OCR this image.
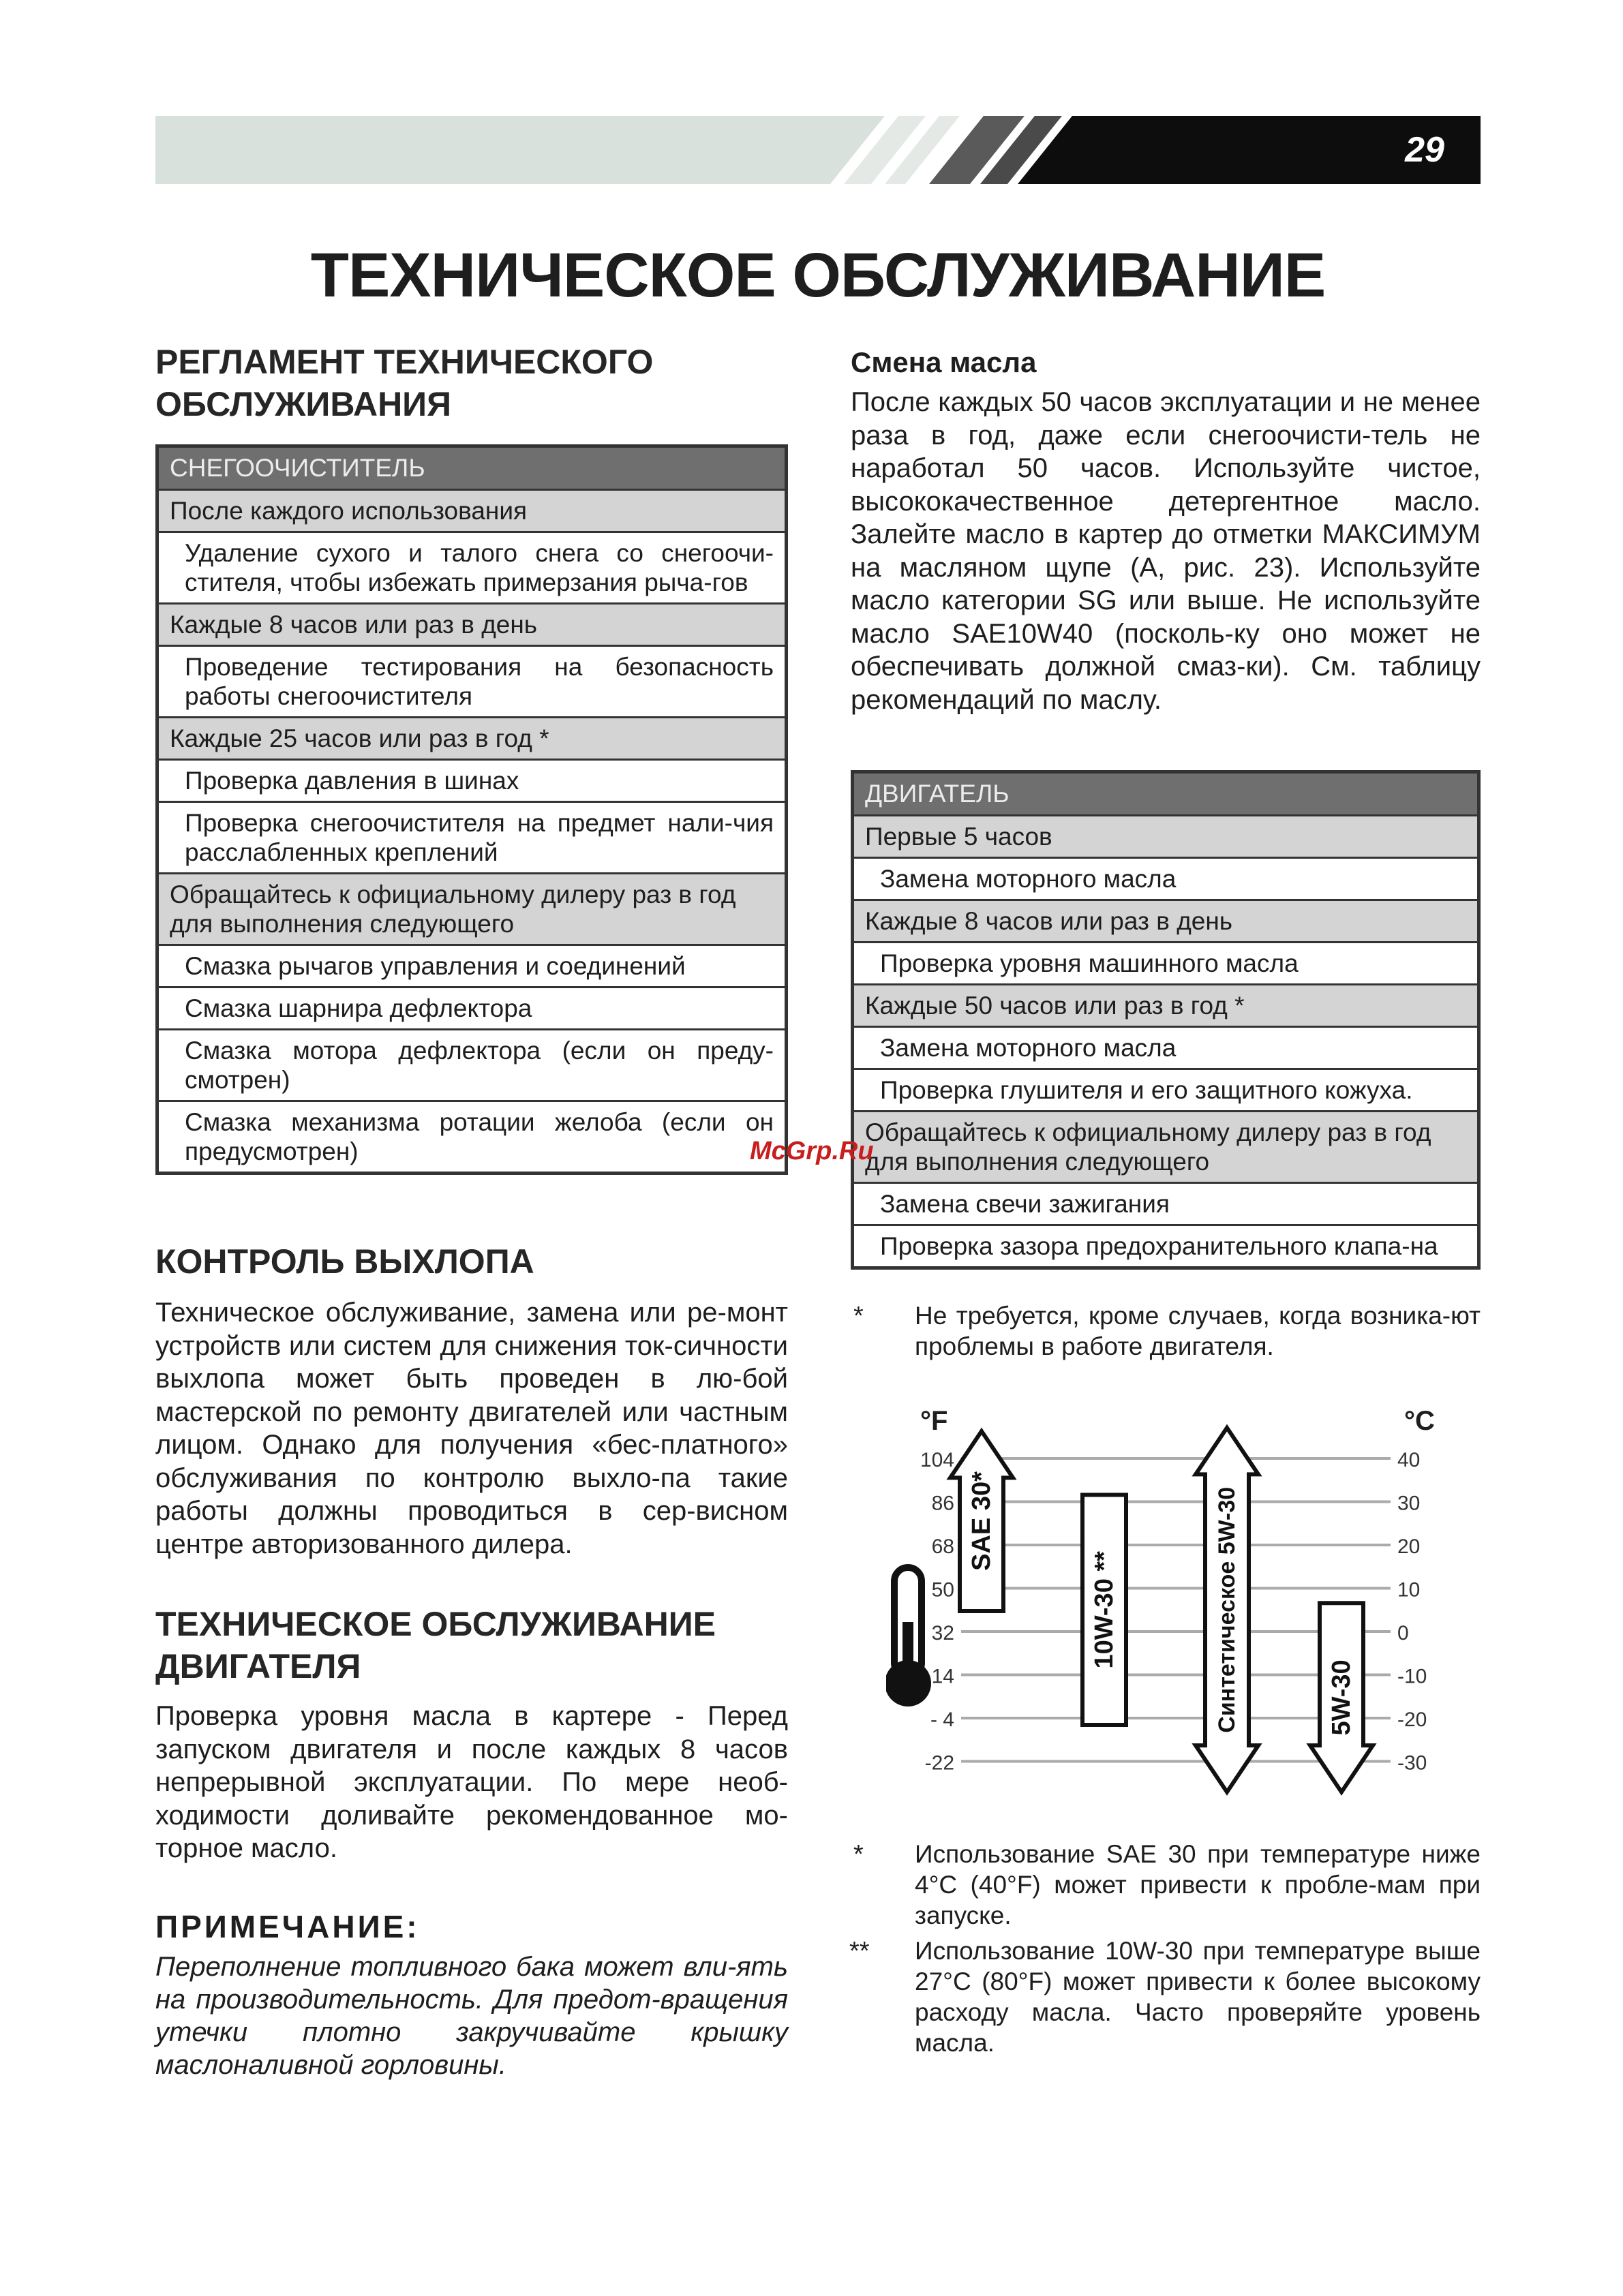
29
ТЕХНИЧЕСКОЕ ОБСЛУЖИВАНИЕ
РЕГЛАМЕНТ ТЕХНИЧЕСКОГО
ОБСЛУЖИВАНИЯ
СНЕГООЧИСТИТЕЛЬ
После каждого использования
Удаление сухого и талого снега со снегоочи-стителя, чтобы избежать примерзания рыча-гов
Каждые 8 часов или раз в день
Проведение тестирования на безопасность работы снегоочистителя
Каждые 25 часов или раз в год *
Проверка давления в шинах
Проверка снегоочистителя на предмет нали-чия расслабленных креплений
Обращайтесь к официальному дилеру раз в год для выполнения следующего
Смазка рычагов управления и соединений
Смазка шарнира дефлектора
Смазка мотора дефлектора (если он преду-смотрен)
Смазка механизма ротации желоба (если он предусмотрен)
КОНТРОЛЬ ВЫХЛОПА

Техническое обслуживание, замена или ре-монт устройств или систем для снижения ток-сичности выхлопа может быть проведен в лю-бой мастерской по ремонту двигателей или частным лицом. Однако для получения «бес-платного» обслуживания по контролю выхло-па такие работы должны проводиться в сер-висном центре авторизованного дилера.

ТЕХНИЧЕСКОЕ ОБСЛУЖИВАНИЕ
ДВИГАТЕЛЯ

Проверка уровня масла в картере - Перед запуском двигателя и после каждых 8 часов непрерывной эксплуатации. По мере необ-ходимости доливайте рекомендованное мо-торное масло.

ПРИМЕЧАНИЕ:

Переполнение топливного бака может вли-ять на производительность. Для предот-вращения утечки плотно закручивайте крышку маслоналивной горловины.

Смена масла

После каждых 50 часов эксплуатации и не менее раза в год, даже если снегоочисти-тель не наработал 50 часов. Используйте чистое, высококачественное детергентное масло. Залейте масло в картер до отметки МАКСИМУМ на масляном щупе (A, рис. 23). Используйте масло категории SG или выше. Не используйте масло SAE10W40 (посколь-ку оно может не обеспечивать должной смаз-ки). См. таблицу рекомендаций по маслу.

ДВИГАТЕЛЬ
Первые 5 часов
Замена моторного масла
Каждые 8 часов или раз в день
Проверка уровня машинного масла
Каждые 50 часов или раз в год *
Замена моторного масла
Проверка глушителя и его защитного кожуха.
Обращайтесь к официальному дилеру раз в год для выполнения следующего
Замена свечи зажигания
Проверка зазора предохранительного клапа-на
* Не требуется, кроме случаев, когда возника-ют проблемы в работе двигателя.

°F	°C
104
86
68
50
32
14
- 4
-22
40
30
20
10
0
-10
-20
-30
SAE 30*
10W-30 **	Синтетическое 5W-30	5W-30
* Использование SAE 30 при температуре ниже 4°C (40°F) может привести к пробле-мам при запуске.

** Использование 10W-30 при температуре выше 27°C (80°F) может привести к более высокому расходу масла. Часто проверяйте уровень масла.

McGrp.Ru
